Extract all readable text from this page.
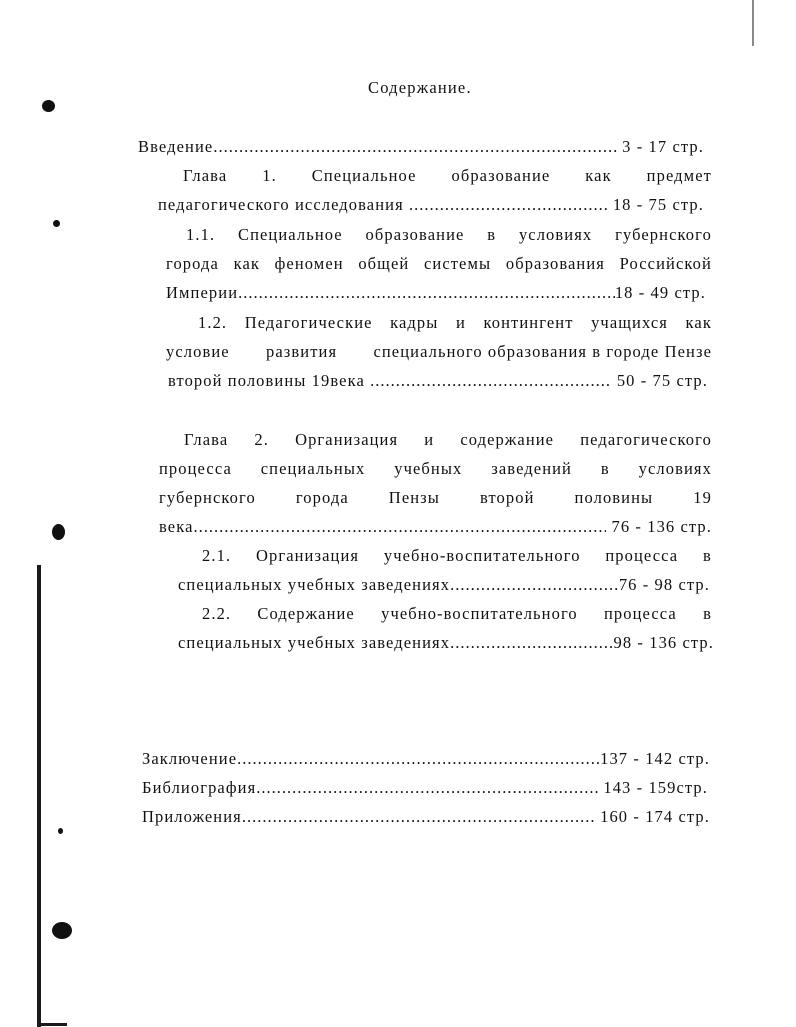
Содержание.
Введение .....	3 - 17 стр.
Глава 1. Специальное образование как предмет
педагогического исследования .....	18 - 75 стр.
1.1. Специальное образование в условиях губернского
города как феномен общей системы образования Российской
Империи .....	18 - 49 стр.
1.2. Педагогические кадры и контингент учащихся как
условие развития специального образования в городе Пензе
второй половины 19века .....	50 - 75 стр.
Глава 2. Организация и содержание педагогического
процесса специальных учебных заведений в условиях
губернского города Пензы второй половины 19
века .....	76 - 136 стр.
2.1. Организация учебно-воспитательного процесса в
специальных учебных заведениях .....	76 - 98 стр.
2.2. Содержание учебно-воспитательного процесса в
специальных учебных заведениях .....	98 - 136 стр.
Заключение .....	137 - 142 стр.
Библиография .....	143 - 159стр.
Приложения .....	160 - 174 стр.
